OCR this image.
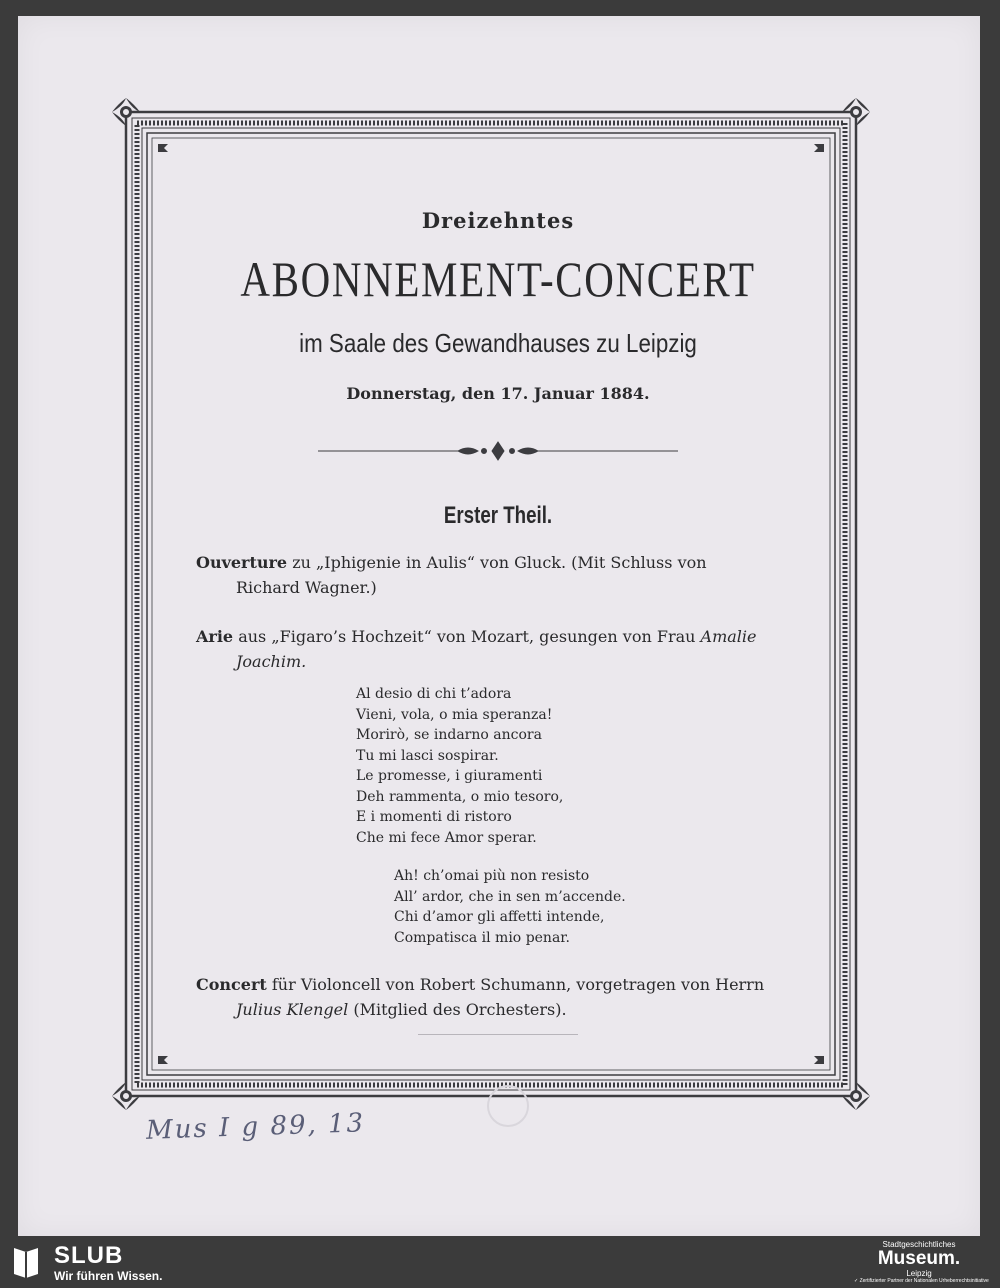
Dreizehntes
ABONNEMENT-CONCERT
im Saale des Gewandhauses zu Leipzig
Donnerstag, den 17. Januar 1884.
Erster Theil.
Ouverture zu „Iphigenie in Aulis“ von Gluck. (Mit Schluss von
Richard Wagner.)
Arie aus „Figaro’s Hochzeit“ von Mozart, gesungen von Frau Amalie
Joachim.
Al desio di chi t’adora
Vieni, vola, o mia speranza!
Morirò, se indarno ancora
Tu mi lasci sospirar.
Le promesse, i giuramenti
Deh rammenta, o mio tesoro,
E i momenti di ristoro
Che mi fece Amor sperar.
Ah! ch’omai più non resisto
All’ ardor, che in sen m’accende.
Chi d’amor gli affetti intende,
Compatisca il mio penar.
Concert für Violoncell von Robert Schumann, vorgetragen von Herrn
Julius Klengel (Mitglied des Orchesters).
Mus I g 89, 13
SLUB
Wir führen Wissen.
Stadtgeschichtliches
Museum.
Leipzig
✓ Zertifizierter Partner der Nationalen Urheberrechtsinitiative
